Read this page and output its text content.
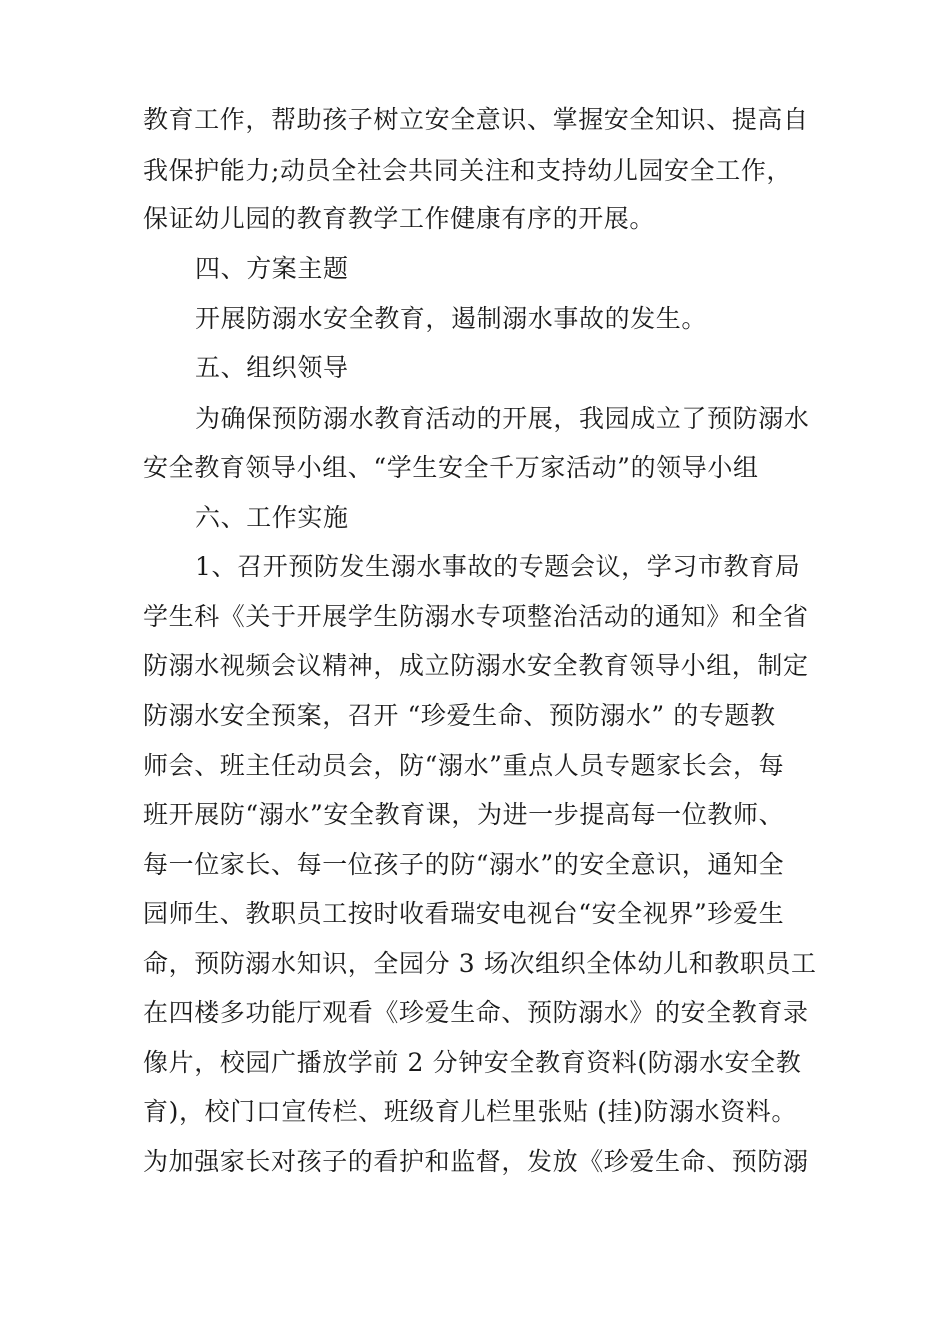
教育工作，帮助孩子树立安全意识、掌握安全知识、提高自
我保护能力;动员全社会共同关注和支持幼儿园安全工作，
保证幼儿园的教育教学工作健康有序的开展。
四、方案主题
开展防溺水安全教育，遏制溺水事故的发生。
五、组织领导
为确保预防溺水教育活动的开展，我园成立了预防溺水
安全教育领导小组、“学生安全千万家活动”的领导小组
六、工作实施
1、召开预防发生溺水事故的专题会议，学习市教育局
学生科《关于开展学生防溺水专项整治活动的通知》和全省
防溺水视频会议精神，成立防溺水安全教育领导小组，制定
防溺水安全预案，召开 “珍爱生命、预防溺水” 的专题教
师会、班主任动员会，防“溺水”重点人员专题家长会，每
班开展防“溺水”安全教育课，为进一步提高每一位教师、
每一位家长、每一位孩子的防“溺水”的安全意识，通知全
园师生、教职员工按时收看瑞安电视台“安全视界”珍爱生
命，预防溺水知识，全园分 3 场次组织全体幼儿和教职员工
在四楼多功能厅观看《珍爱生命、预防溺水》的安全教育录
像片，校园广播放学前 2 分钟安全教育资料(防溺水安全教
育)，校门口宣传栏、班级育儿栏里张贴 (挂)防溺水资料。
为加强家长对孩子的看护和监督，发放《珍爱生命、预防溺
